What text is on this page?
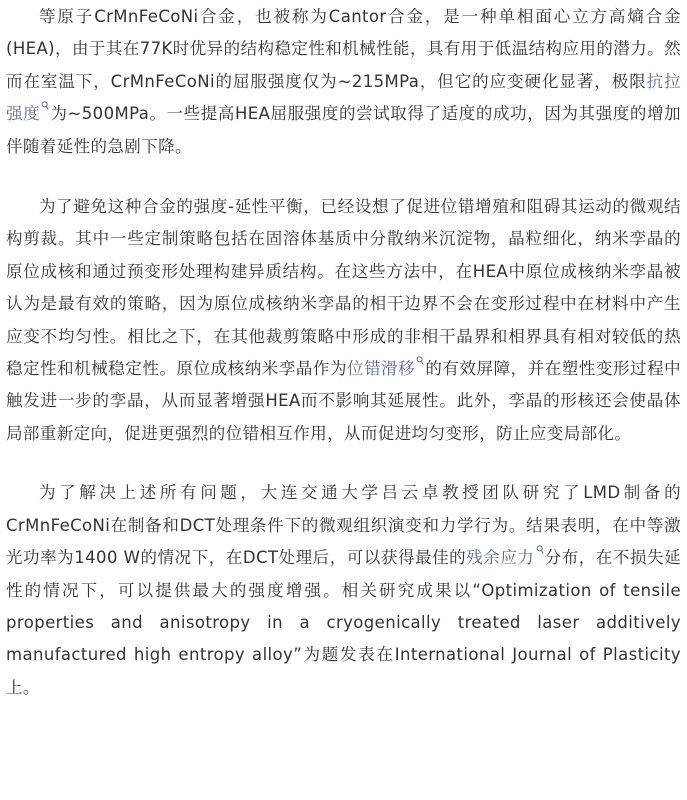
等原子CrMnFeCoNi合金，也被称为Cantor合金，是一种单相面心立方高熵合金(HEA)，由于其在77K时优异的结构稳定性和机械性能，具有用于低温结构应用的潜力。然而在室温下，CrMnFeCoNi的屈服强度仅为~215MPa，但它的应变硬化显著，极限抗拉强度 为~500MPa。一些提高HEA屈服强度的尝试取得了适度的成功，因为其强度的增加伴随着延性的急剧下降。

为了避免这种合金的强度-延性平衡，已经设想了促进位错增殖和阻碍其运动的微观结构剪裁。其中一些定制策略包括在固溶体基质中分散纳米沉淀物，晶粒细化，纳米孪晶的原位成核和通过预变形处理构建异质结构。在这些方法中，在HEA中原位成核纳米孪晶被认为是最有效的策略，因为原位成核纳米孪晶的相干边界不会在变形过程中在材料中产生应变不均匀性。相比之下，在其他裁剪策略中形成的非相干晶界和相界具有相对较低的热稳定性和机械稳定性。原位成核纳米孪晶作为位错滑移 的有效屏障，并在塑性变形过程中触发进一步的孪晶，从而显著增强HEA而不影响其延展性。此外，孪晶的形核还会使晶体局部重新定向，促进更强烈的位错相互作用，从而促进均匀变形，防止应变局部化。

为了解决上述所有问题，大连交通大学吕云卓教授团队研究了LMD制备的CrMnFeCoNi在制备和DCT处理条件下的微观组织演变和力学行为。结果表明，在中等激光功率为1400 W的情况下，在DCT处理后，可以获得最佳的残余应力 分布，在不损失延性的情况下，可以提供最大的强度增强。相关研究成果以“Optimization of tensile properties and anisotropy in a cryogenically treated laser additively manufactured high entropy alloy”为题发表在International Journal of Plasticity上。
